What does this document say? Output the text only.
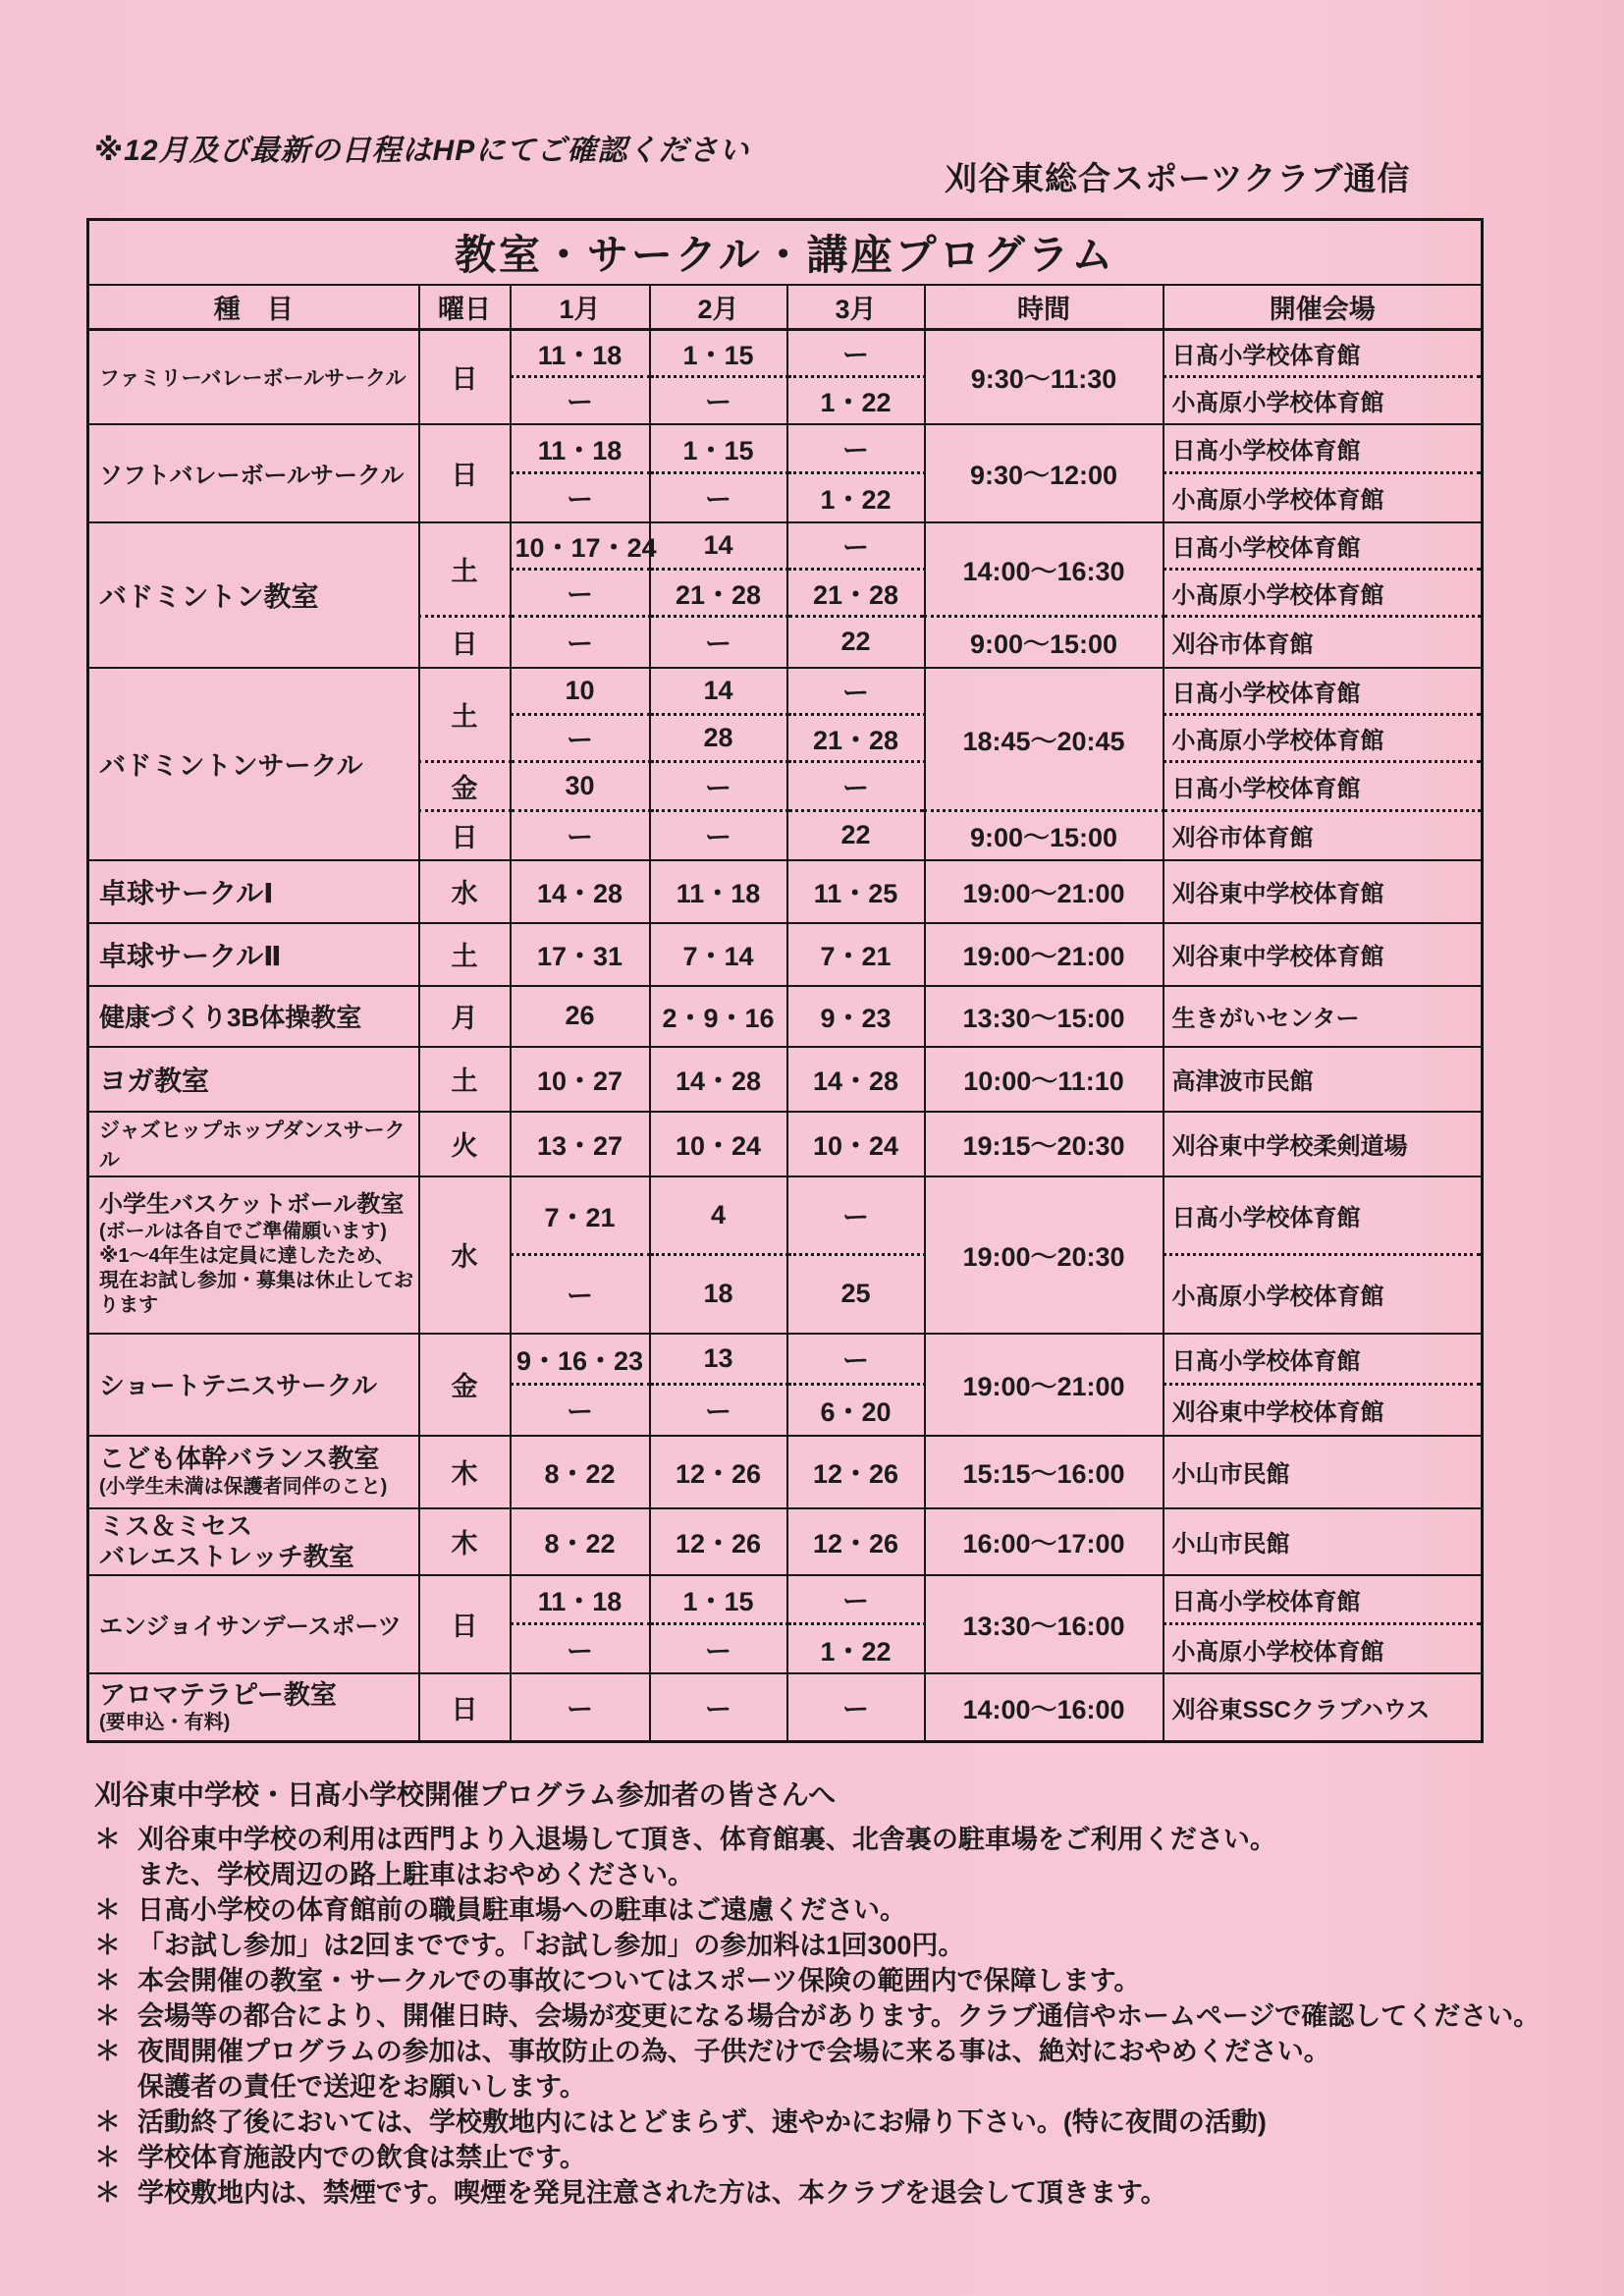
※12月及び最新の日程はHPにてご確認ください
刈谷東総合スポーツクラブ通信
教室・サークル・講座プログラム						
種　目	曜日	1月	2月	3月	時間	開催会場
ファミリーバレーボールサークル	日	11・18	1・15	ー	9:30〜11:30	日髙小学校体育館
		ー	ー	1・22		小髙原小学校体育館
ソフトバレーボールサークル	日	11・18	1・15	ー	9:30〜12:00	日髙小学校体育館
		ー	ー	1・22		小髙原小学校体育館
バドミントン教室	土	10・17・24	14	ー	14:00〜16:30	日髙小学校体育館
		ー	21・28	21・28		小髙原小学校体育館
	日	ー	ー	22	9:00〜15:00	刈谷市体育館
バドミントンサークル	土	10	14	ー	18:45〜20:45	日髙小学校体育館
		ー	28	21・28		小髙原小学校体育館
	金	30	ー	ー		日髙小学校体育館
	日	ー	ー	22	9:00〜15:00	刈谷市体育館
卓球サークルⅠ	水	14・28	11・18	11・25	19:00〜21:00	刈谷東中学校体育館
卓球サークルⅡ	土	17・31	7・14	7・21	19:00〜21:00	刈谷東中学校体育館
健康づくり3B体操教室	月	26	2・9・16	9・23	13:30〜15:00	生きがいセンター
ヨガ教室	土	10・27	14・28	14・28	10:00〜11:10	高津波市民館
ジャズヒップホップダンスサークル	火	13・27	10・24	10・24	19:15〜20:30	刈谷東中学校柔剣道場

小学生バスケットボール教室
(ボールは各自でご準備願います)
※1〜4年生は定員に達したため、現在お試し参加・募集は休止しております	水	7・21	4	ー	19:00〜20:30	日髙小学校体育館
		ー	18	25		小髙原小学校体育館
ショートテニスサークル	金	9・16・23	13	ー	19:00〜21:00	日髙小学校体育館
		ー	ー	6・20		刈谷東中学校体育館

こども体幹バランス教室
(小学生未満は保護者同伴のこと)	木	8・22	12・26	12・26	15:15〜16:00	小山市民館

ミス＆ミセス
バレエストレッチ教室	木	8・22	12・26	12・26	16:00〜17:00	小山市民館
エンジョイサンデースポーツ	日	11・18	1・15	ー	13:30〜16:00	日髙小学校体育館
		ー	ー	1・22		小髙原小学校体育館

アロマテラピー教室
(要申込・有料)	日	ー	ー	ー	14:00〜16:00	刈谷東SSCクラブハウス
刈谷東中学校・日髙小学校開催プログラム参加者の皆さんへ
＊ 刈谷東中学校の利用は西門より入退場して頂き、体育館裏、北舎裏の駐車場をご利用ください。
また、学校周辺の路上駐車はおやめください。
＊ 日髙小学校の体育館前の職員駐車場への駐車はご遠慮ください。
＊ 「お試し参加」は2回までです。「お試し参加」の参加料は1回300円。
＊ 本会開催の教室・サークルでの事故についてはスポーツ保険の範囲内で保障します。
＊ 会場等の都合により、開催日時、会場が変更になる場合があります。クラブ通信やホームページで確認してください。
＊ 夜間開催プログラムの参加は、事故防止の為、子供だけで会場に来る事は、絶対におやめください。
保護者の責任で送迎をお願いします。
＊ 活動終了後においては、学校敷地内にはとどまらず、速やかにお帰り下さい。(特に夜間の活動)
＊ 学校体育施設内での飲食は禁止です。
＊ 学校敷地内は、禁煙です。喫煙を発見注意された方は、本クラブを退会して頂きます。
